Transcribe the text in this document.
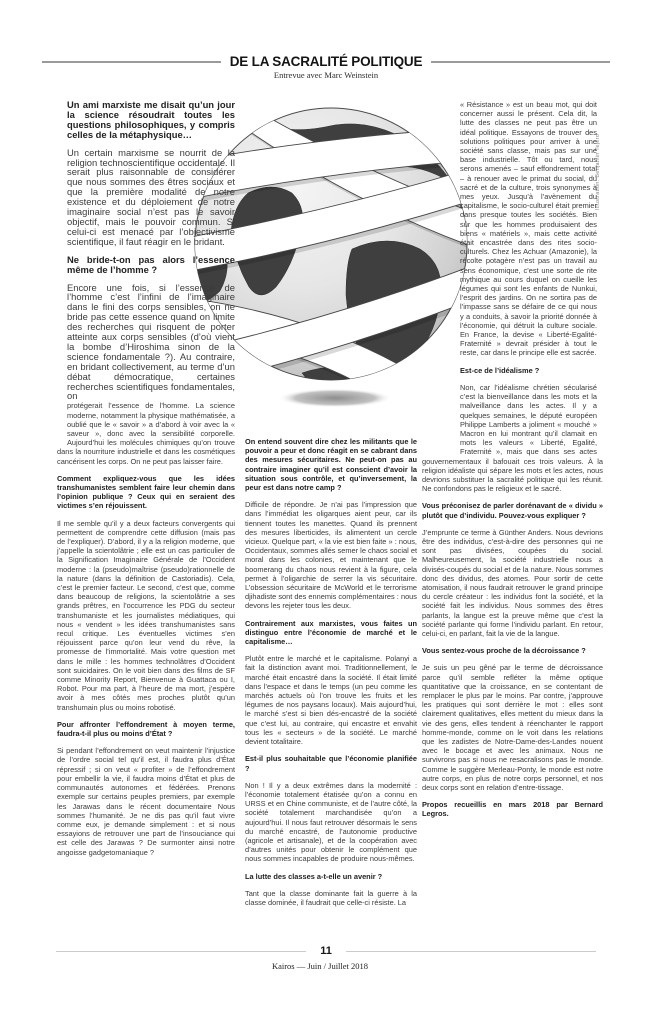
DE LA SACRALITÉ POLITIQUE
Entrevue avec Marc Weinstein
Illustration: Benjamin Tejero

Un ami marxiste me disait qu’un jour la science résoudrait toutes les questions philosophiques, y compris celles de la métaphysique…

Un certain marxisme se nourrit de la religion technoscientifique occidentale. Il serait plus raisonnable de considérer que nous sommes des êtres sociaux et que la première modalité de notre existence et du déploiement de notre imaginaire social n’est pas le savoir objectif, mais le pouvoir commun. Si celui-ci est menacé par l’objectivisme scientifique, il faut réagir en le bridant.

Ne bride-t-on pas alors l’essence même de l’homme ?

Encore une fois, si l’essence de l’homme c’est l’infini de l’imaginaire dans le fini des corps sensibles, on ne bride pas cette essence quand on limite des recherches qui risquent de porter atteinte aux corps sensibles (d’où vient la bombe d’Hiroshima sinon de la science fondamentale ?). Au contraire, en bridant collectivement, au terme d’un débat démocratique, certaines recherches scientifiques fondamentales, on

protégerait l’essence de l’homme. La science moderne, notamment la physique mathématisée, a oublié que le « savoir » a d’abord à voir avec la « saveur », donc avec la sensibilité corporelle. Aujourd’hui les molécules chimiques qu’on trouve dans la nourriture industrielle et dans les cosmétiques cancérisent les corps. On ne peut pas laisser faire.

Comment expliquez-vous que les idées transhumanistes semblent faire leur chemin dans l’opinion publique ? Ceux qui en seraient des victimes s’en réjouissent.

Il me semble qu’il y a deux facteurs convergents qui permettent de comprendre cette diffusion (mais pas de l’expliquer). D’abord, il y a la religion moderne, que j’appelle la scientolâtrie ; elle est un cas particulier de la Signification Imaginaire Générale de l’Occident moderne : la (pseudo)maîtrise (pseudo)rationnelle de la nature (dans la définition de Castoriadis). Cela, c’est le premier facteur. Le second, c’est que, comme dans beaucoup de religions, la scientolâtrie a ses grands prêtres, en l’occurrence les PDG du secteur transhumaniste et les journalistes médiatiques, qui nous « vendent » les idées transhumanistes sans recul critique. Les éventuelles victimes s’en réjouissent parce qu’on leur vend du rêve, la promesse de l’immortalité. Mais votre question met dans le mille : les hommes technolâtres d’Occident sont suicidaires. On le voit bien dans des films de SF comme Minority Report, Bienvenue à Guattaca ou I, Robot. Pour ma part, à l’heure de ma mort, j’espère avoir à mes côtés mes proches plutôt qu’un transhumain plus ou moins robotisé.

Pour affronter l’effondrement à moyen terme, faudra-t-il plus ou moins d’État ?

Si pendant l’effondrement on veut maintenir l’injustice de l’ordre social tel qu’il est, il faudra plus d’État répressif ; si on veut « profiter » de l’effondrement pour embellir la vie, il faudra moins d’État et plus de communautés autonomes et fédérées. Prenons exemple sur certains peuples premiers, par exemple les Jarawas dans le récent documentaire Nous sommes l’humanité. Je ne dis pas qu’il faut vivre comme eux, je demande simplement : et si nous essayions de retrouver une part de l’insouciance qui est celle des Jarawas ? De surmonter ainsi notre angoisse gadgetomaniaque ?

On entend souvent dire chez les militants que le pouvoir a peur et donc réagit en se cabrant dans des mesures sécuritaires. Ne peut-on pas au contraire imaginer qu’il est conscient d’avoir la situation sous contrôle, et qu’inversement, la peur est dans notre camp ?

Difficile de répondre. Je n’ai pas l’impression que dans l’immédiat les oligarques aient peur, car ils tiennent toutes les manettes. Quand ils prennent des mesures liberticides, ils alimentent un cercle vicieux. Quelque part, « la vie est bien faite » : nous, Occidentaux, sommes allés semer le chaos social et moral dans les colonies, et maintenant que le boomerang du chaos nous revient à la figure, cela permet à l’oligarchie de serrer la vis sécuritaire. L’obsession sécuritaire de McWorld et le terrorisme djihadiste sont des ennemis complémentaires : nous devons les rejeter tous les deux.

Contrairement aux marxistes, vous faites un distinguo entre l’économie de marché et le capitalisme…

Plutôt entre le marché et le capitalisme. Polanyi a fait la distinction avant moi. Traditionnellement, le marché était encastré dans la société. Il était limité dans l’espace et dans le temps (un peu comme les marchés actuels où l’on trouve les fruits et les légumes de nos paysans locaux). Mais aujourd’hui, le marché s’est si bien dés-encastré de la société que c’est lui, au contraire, qui encastre et envahit tous les « secteurs » de la société. Le marché devient totalitaire.

Est-il plus souhaitable que l’économie planifiée ?

Non ! Il y a deux extrêmes dans la modernité : l’économie totalement étatisée qu’on a connu en URSS et en Chine communiste, et de l’autre côté, la société totalement marchandisée qu’on a aujourd’hui. Il nous faut retrouver désormais le sens du marché encastré, de l’autonomie productive (agricole et artisanale), et de la coopération avec d’autres unités pour obtenir le complément que nous sommes incapables de produire nous-mêmes.

La lutte des classes a-t-elle un avenir ?

Tant que la classe dominante fait la guerre à la classe dominée, il faudrait que celle-ci résiste. La

« Résistance » est un beau mot, qui doit concerner aussi le présent. Cela dit, la lutte des classes ne peut pas être un idéal politique. Essayons de trouver des solutions politiques pour arriver à une société sans classe, mais pas sur une base industrielle. Tôt ou tard, nous serons amenés – sauf effondrement total – à renouer avec le primat du social, du sacré et de la culture, trois synonymes à mes yeux. Jusqu’à l’avènement du capitalisme, le socio-culturel était premier dans presque toutes les sociétés. Bien sûr que les hommes produisaient des biens « matériels », mais cette activité était encastrée dans des rites socio-culturels. Chez les Achuar (Amazonie), la récolte potagère n’est pas un travail au sens économique, c’est une sorte de rite mythique au cours duquel on cueille les légumes qui sont les enfants de Nunkui, l’esprit des jardins. On ne sortira pas de l’impasse sans se défaire de ce qui nous y a conduits, à savoir la priorité donnée à l’économie, qui détruit la culture sociale. En France, la devise « Liberté-Egalité-Fraternité » devrait présider à tout le reste, car dans le principe elle est sacrée.

Est-ce de l’idéalisme ?

Non, car l’idéalisme chrétien sécularisé c’est la bienveillance dans les mots et la malveillance dans les actes. Il y a quelques semaines, le député européen Philippe Lamberts a joliment « mouché » Macron en lui montrant qu’il clamait en mots les valeurs « Liberté, Egalité, Fraternité », mais que dans ses actes gouvernementaux il bafouait ces trois valeurs. À la religion idéaliste qui sépare les mots et les actes, nous devrions substituer la sacralité politique qui les réunit. Ne confondons pas le religieux et le sacré.

Vous préconisez de parler dorénavant de « dividu » plutôt que d’individu. Pouvez-vous expliquer ?

J’emprunte ce terme à Günther Anders. Nous devrions être des individus, c’est-à-dire des personnes qui ne sont pas divisées, coupées du social. Malheureusement, la société industrielle nous a divisés-coupés du social et de la nature. Nous sommes donc des dividus, des atomes. Pour sortir de cette atomisation, il nous faudrait retrouver le grand principe du cercle créateur : les individus font la société, et la société fait les individus. Nous sommes des êtres parlants, la langue est la preuve même que c’est la société parlante qui forme l’individu parlant. En retour, celui-ci, en parlant, fait la vie de la langue.

Vous sentez-vous proche de la décroissance ?

Je suis un peu gêné par le terme de décroissance parce qu’il semble refléter la même optique quantitative que la croissance, en se contentant de remplacer le plus par le moins. Par contre, j’approuve les pratiques qui sont derrière le mot : elles sont clairement qualitatives, elles mettent du mieux dans la vie des gens, elles tendent à réenchanter le rapport homme-monde, comme on le voit dans les relations que les zadistes de Notre-Dame-des-Landes nouent avec le bocage et avec les animaux. Nous ne survivrons pas si nous ne resacralisons pas le monde. Comme le suggère Merleau-Ponty, le monde est notre autre corps, en plus de notre corps personnel, et nos deux corps sont en relation d’entre-tissage.

Propos recueillis en mars 2018 par Bernard Legros.

11
Kairos — Juin / Juillet 2018
